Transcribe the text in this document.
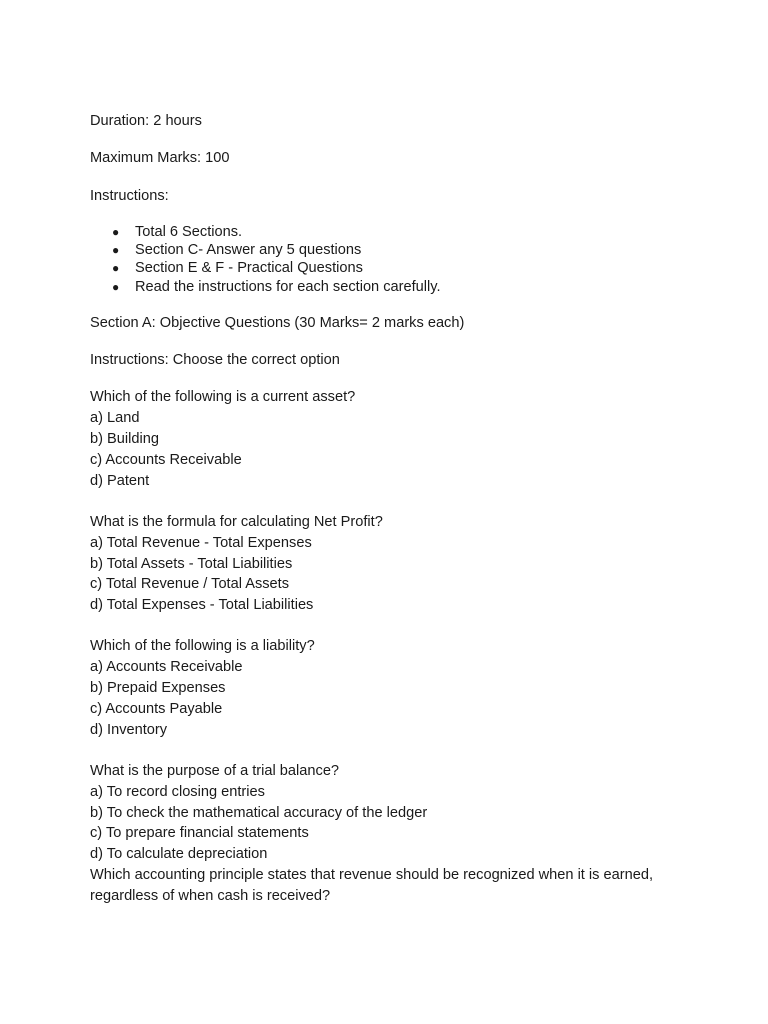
Duration: 2 hours
Maximum Marks: 100
Instructions:
● Total 6 Sections.
● Section C- Answer any 5 questions
● Section E & F - Practical Questions
● Read the instructions for each section carefully.
Section A: Objective Questions (30 Marks= 2 marks each)
Instructions: Choose the correct option
Which of the following is a current asset?
a) Land
b) Building
c) Accounts Receivable
d) Patent
What is the formula for calculating Net Profit?
a) Total Revenue - Total Expenses
b) Total Assets - Total Liabilities
c) Total Revenue / Total Assets
d) Total Expenses - Total Liabilities
Which of the following is a liability?
a) Accounts Receivable
b) Prepaid Expenses
c) Accounts Payable
d) Inventory
What is the purpose of a trial balance?
a) To record closing entries
b) To check the mathematical accuracy of the ledger
c) To prepare financial statements
d) To calculate depreciation
Which accounting principle states that revenue should be recognized when it is earned, regardless of when cash is received?
